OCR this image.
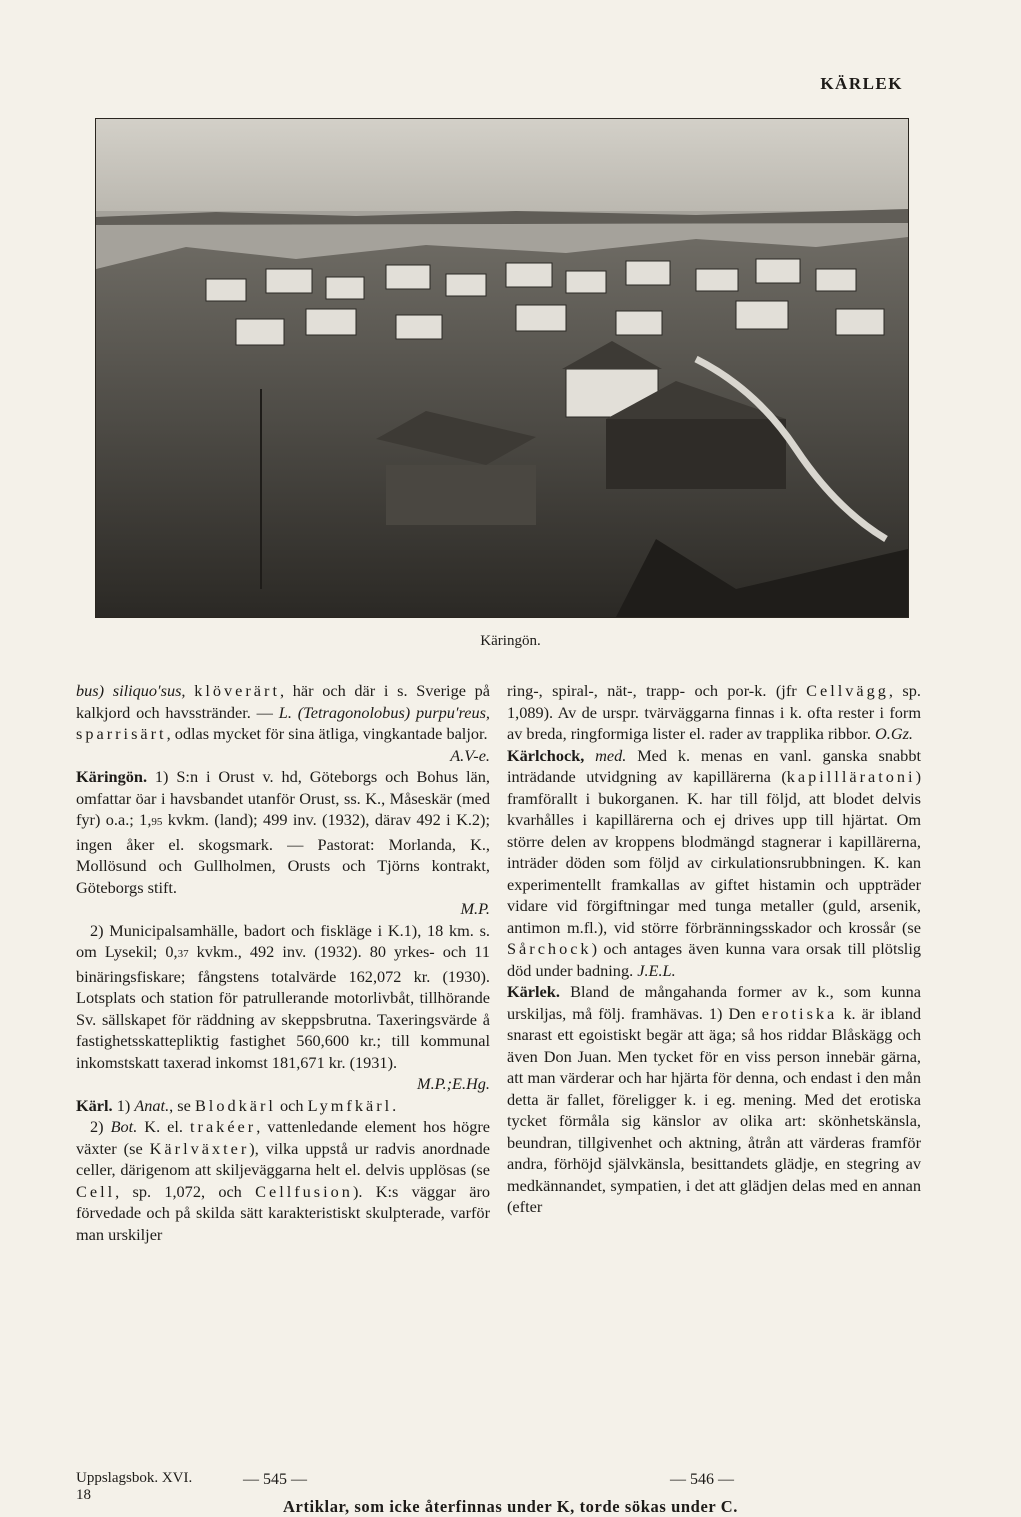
KÄRLEK
Käringön.

bus) siliquo′sus, klöverärt, här och där i s. Sverige på kalkjord och havsstränder. — L. (Tetragonolobus) purpu′reus, sparrisärt, odlas mycket för sina ätliga, vingkantade baljor.
A.V-e.

Käringön. 1) S:n i Orust v. hd, Göteborgs och Bohus län, omfattar öar i havsbandet utanför Orust, ss. K., Måseskär (med fyr) o.a.; 1,95 kvkm. (land); 499 inv. (1932), därav 492 i K.2); ingen åker el. skogsmark. — Pastorat: Morlanda, K., Mollösund och Gullholmen, Orusts och Tjörns kontrakt, Göteborgs stift.
M.P.

2) Municipalsamhälle, badort och fiskläge i K.1), 18 km. s. om Lysekil; 0,37 kvkm., 492 inv. (1932). 80 yrkes- och 11 binäringsfiskare; fångstens totalvärde 162,072 kr. (1930). Lotsplats och station för patrullerande motorlivbåt, tillhörande Sv. sällskapet för räddning av skeppsbrutna. Taxeringsvärde å fastighetsskattepliktig fastighet 560,600 kr.; till kommunal inkomstskatt taxerad inkomst 181,671 kr. (1931).
M.P.;E.Hg.

Kärl. 1) Anat., se Blodkärl och Lymfkärl.

2) Bot. K. el. trakéer, vattenledande element hos högre växter (se Kärlväxter), vilka uppstå ur radvis anordnade celler, därigenom att skiljeväggarna helt el. delvis upplösas (se Cell, sp. 1,072, och Cellfusion). K:s väggar äro förvedade och på skilda sätt karakteristiskt skulpterade, varför man urskiljer

ring-, spiral-, nät-, trapp- och por-k. (jfr Cellvägg, sp. 1,089). Av de urspr. tvärväggarna finnas i k. ofta rester i form av breda, ringformiga lister el. rader av trapplika ribbor. O.Gz.

Kärlchock, med. Med k. menas en vanl. ganska snabbt inträdande utvidgning av kapillärerna (kapillläratoni) framförallt i bukorganen. K. har till följd, att blodet delvis kvarhålles i kapillärerna och ej drives upp till hjärtat. Om större delen av kroppens blodmängd stagnerar i kapillärerna, inträder döden som följd av cirkulationsrubbningen. K. kan experimentellt framkallas av giftet histamin och uppträder vidare vid förgiftningar med tunga metaller (guld, arsenik, antimon m.fl.), vid större förbränningsskador och krossår (se Sårchock) och antages även kunna vara orsak till plötslig död under badning. J.E.L.

Kärlek. Bland de mångahanda former av k., som kunna urskiljas, må följ. framhävas. 1) Den erotiska k. är ibland snarast ett egoistiskt begär att äga; så hos riddar Blåskägg och även Don Juan. Men tycket för en viss person innebär gärna, att man värderar och har hjärta för denna, och endast i den mån detta är fallet, föreligger k. i eg. mening. Med det erotiska tycket förmåla sig känslor av olika art: skönhetskänsla, beundran, tillgivenhet och aktning, åtrån att värderas framför andra, förhöjd självkänsla, besittandets glädje, en stegring av medkännandet, sympatien, i det att glädjen delas med en annan (efter

Uppslagsbok. XVI.
18
— 545 —	— 546 —
Artiklar, som icke återfinnas under K, torde sökas under C.
